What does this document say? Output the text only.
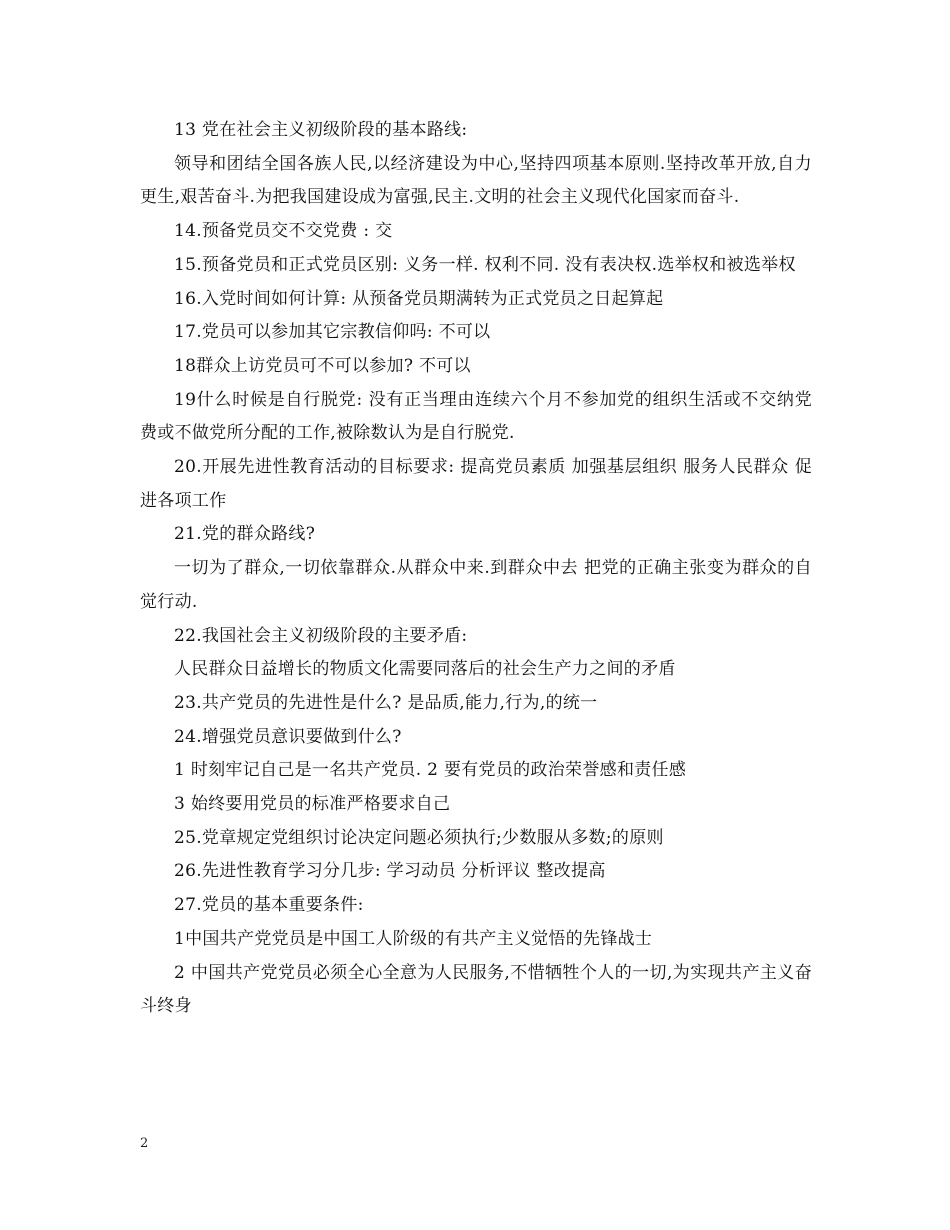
13 党在社会主义初级阶段的基本路线:

领导和团结全国各族人民,以经济建设为中心,坚持四项基本原则.坚持改革开放,自力更生,艰苦奋斗.为把我国建设成为富强,民主.文明的社会主义现代化国家而奋斗.

14.预备党员交不交党费 : 交

15.预备党员和正式党员区别: 义务一样. 权利不同. 没有表决权.选举权和被选举权

16.入党时间如何计算: 从预备党员期满转为正式党员之日起算起

17.党员可以参加其它宗教信仰吗: 不可以

18群众上访党员可不可以参加? 不可以

19什么时候是自行脱党: 没有正当理由连续六个月不参加党的组织生活或不交纳党费或不做党所分配的工作,被除数认为是自行脱党.

20.开展先进性教育活动的目标要求: 提高党员素质 加强基层组织 服务人民群众 促进各项工作

21.党的群众路线?

一切为了群众,一切依靠群众.从群众中来.到群众中去 把党的正确主张变为群众的自觉行动.

22.我国社会主义初级阶段的主要矛盾:

人民群众日益增长的物质文化需要同落后的社会生产力之间的矛盾

23.共产党员的先进性是什么? 是品质,能力,行为,的统一

24.增强党员意识要做到什么?

1 时刻牢记自己是一名共产党员. 2 要有党员的政治荣誉感和责任感

3 始终要用党员的标准严格要求自己

25.党章规定党组织讨论决定问题必须执行;少数服从多数;的原则

26.先进性教育学习分几步: 学习动员 分析评议 整改提高

27.党员的基本重要条件:

1中国共产党党员是中国工人阶级的有共产主义觉悟的先锋战士

2 中国共产党党员必须全心全意为人民服务,不惜牺牲个人的一切,为实现共产主义奋斗终身

2
